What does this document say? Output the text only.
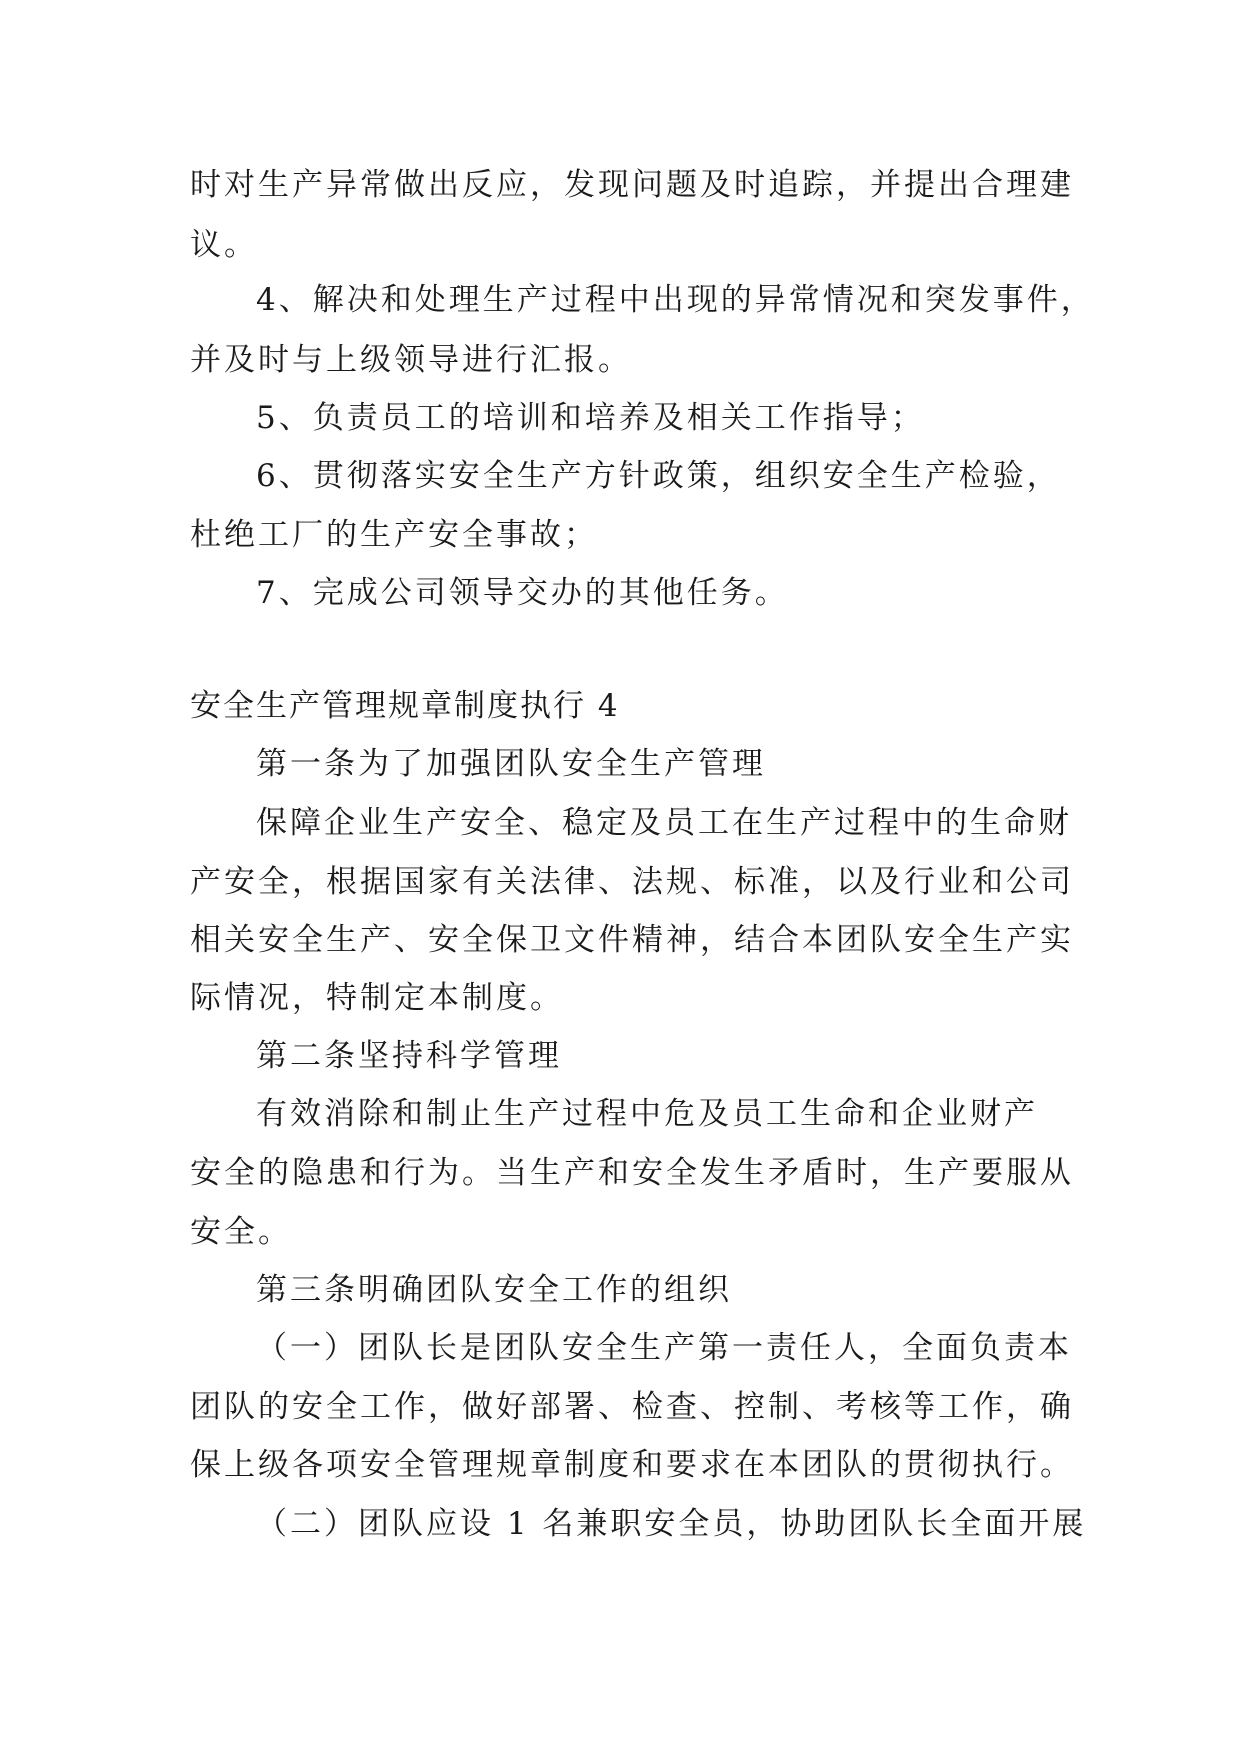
时对生产异常做出反应，发现问题及时追踪，并提出合理建
议。
4、解决和处理生产过程中出现的异常情况和突发事件，
并及时与上级领导进行汇报。
5、负责员工的培训和培养及相关工作指导；
6、贯彻落实安全生产方针政策，组织安全生产检验，
杜绝工厂的生产安全事故；
7、完成公司领导交办的其他任务。
安全生产管理规章制度执行 4
第一条为了加强团队安全生产管理
保障企业生产安全、稳定及员工在生产过程中的生命财
产安全，根据国家有关法律、法规、标准，以及行业和公司
相关安全生产、安全保卫文件精神，结合本团队安全生产实
际情况，特制定本制度。
第二条坚持科学管理
有效消除和制止生产过程中危及员工生命和企业财产
安全的隐患和行为。当生产和安全发生矛盾时，生产要服从
安全。
第三条明确团队安全工作的组织
（一）团队长是团队安全生产第一责任人，全面负责本
团队的安全工作，做好部署、检查、控制、考核等工作，确
保上级各项安全管理规章制度和要求在本团队的贯彻执行。
（二）团队应设 1 名兼职安全员，协助团队长全面开展
